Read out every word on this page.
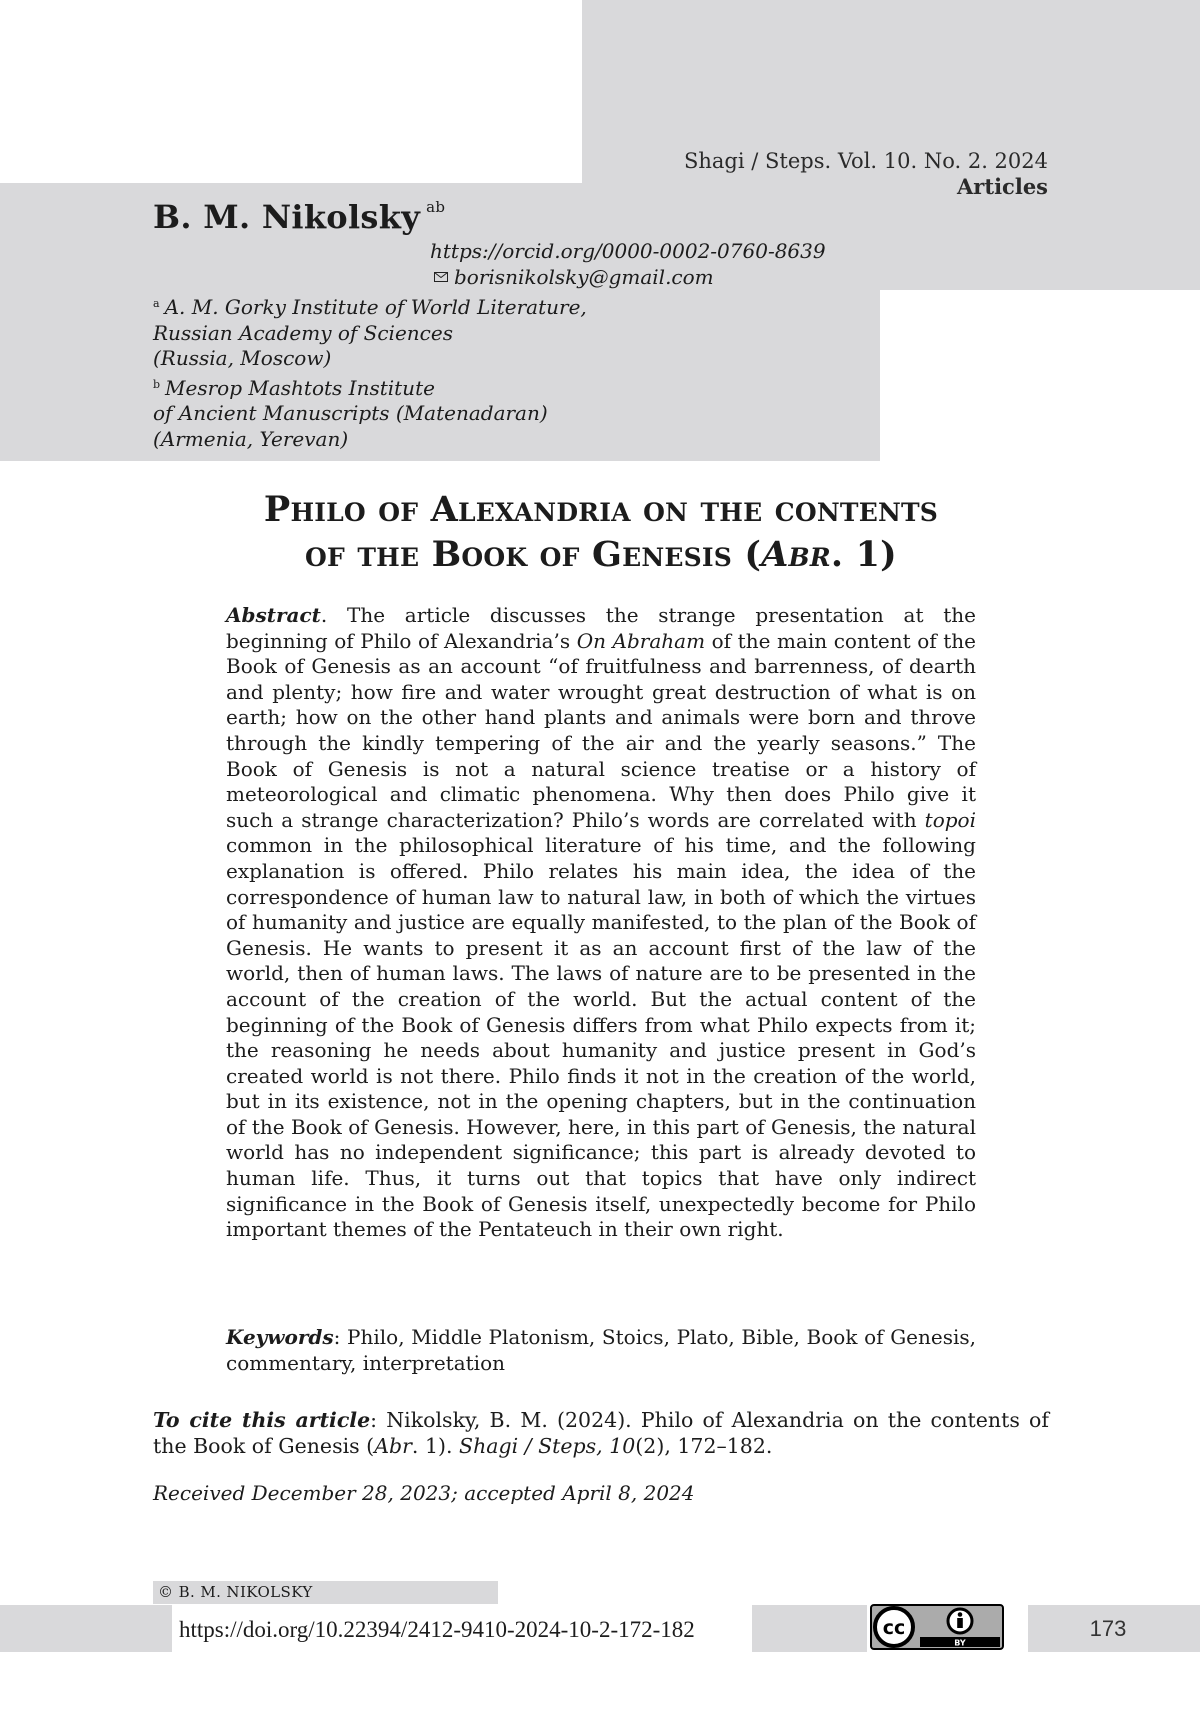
Shagi / Steps. Vol. 10. No. 2. 2024
Articles
B. M. Nikolsky $^{ab}$
https://orcid.org/0000-0002-0760-8639
borisnikolsky@gmail.com
$^a$ A. M. Gorky Institute of World Literature,
Russian Academy of Sciences
(Russia, Moscow)
$^b$ Mesrop Mashtots Institute
of Ancient Manuscripts (Matenadaran)
(Armenia, Yerevan)
Philo of Alexandria on the contents
of the Book of Genesis (Abr. 1)
Abstract. The article discusses the strange presentation at the beginning of Philo of Alexandria’s On Abraham of the main content of the Book of Genesis as an account “of fruitfulness and barrenness, of dearth and plenty; how fire and water wrought great destruction of what is on earth; how on the other hand plants and animals were born and throve through the kindly tempering of the air and the yearly seasons.” The Book of Genesis is not a natural science treatise or a history of meteorological and climatic phenomena. Why then does Philo give it such a strange characterization? Philo’s words are correlated with topoi common in the philosophical literature of his time, and the following explanation is offered. Philo relates his main idea, the idea of the correspondence of human law to natural law, in both of which the virtues of humanity and justice are equally manifested, to the plan of the Book of Genesis. He wants to present it as an account first of the law of the world, then of human laws. The laws of nature are to be presented in the account of the creation of the world. But the actual content of the beginning of the Book of Genesis differs from what Philo expects from it; the reasoning he needs about humanity and justice present in God’s created world is not there. Philo finds it not in the creation of the world, but in its existence, not in the opening chapters, but in the continuation of the Book of Genesis. However, here, in this part of Genesis, the natural world has no independent significance; this part is already devoted to human life. Thus, it turns out that topics that have only indirect significance in the Book of Genesis itself, unexpectedly become for Philo important themes of the Pentateuch in their own right.
Keywords: Philo, Middle Platonism, Stoics, Plato, Bible, Book of Genesis, commentary, interpretation
To cite this article: Nikolsky, B. M. (2024). Philo of Alexandria on the contents of the Book of Genesis (Abr. 1). Shagi / Steps, 10(2), 172–182.
Received December 28, 2023; accepted April 8, 2024
© B. M. NIKOLSKY
https://doi.org/10.22394/2412-9410-2024-10-2-172-182	cc
BY
173
